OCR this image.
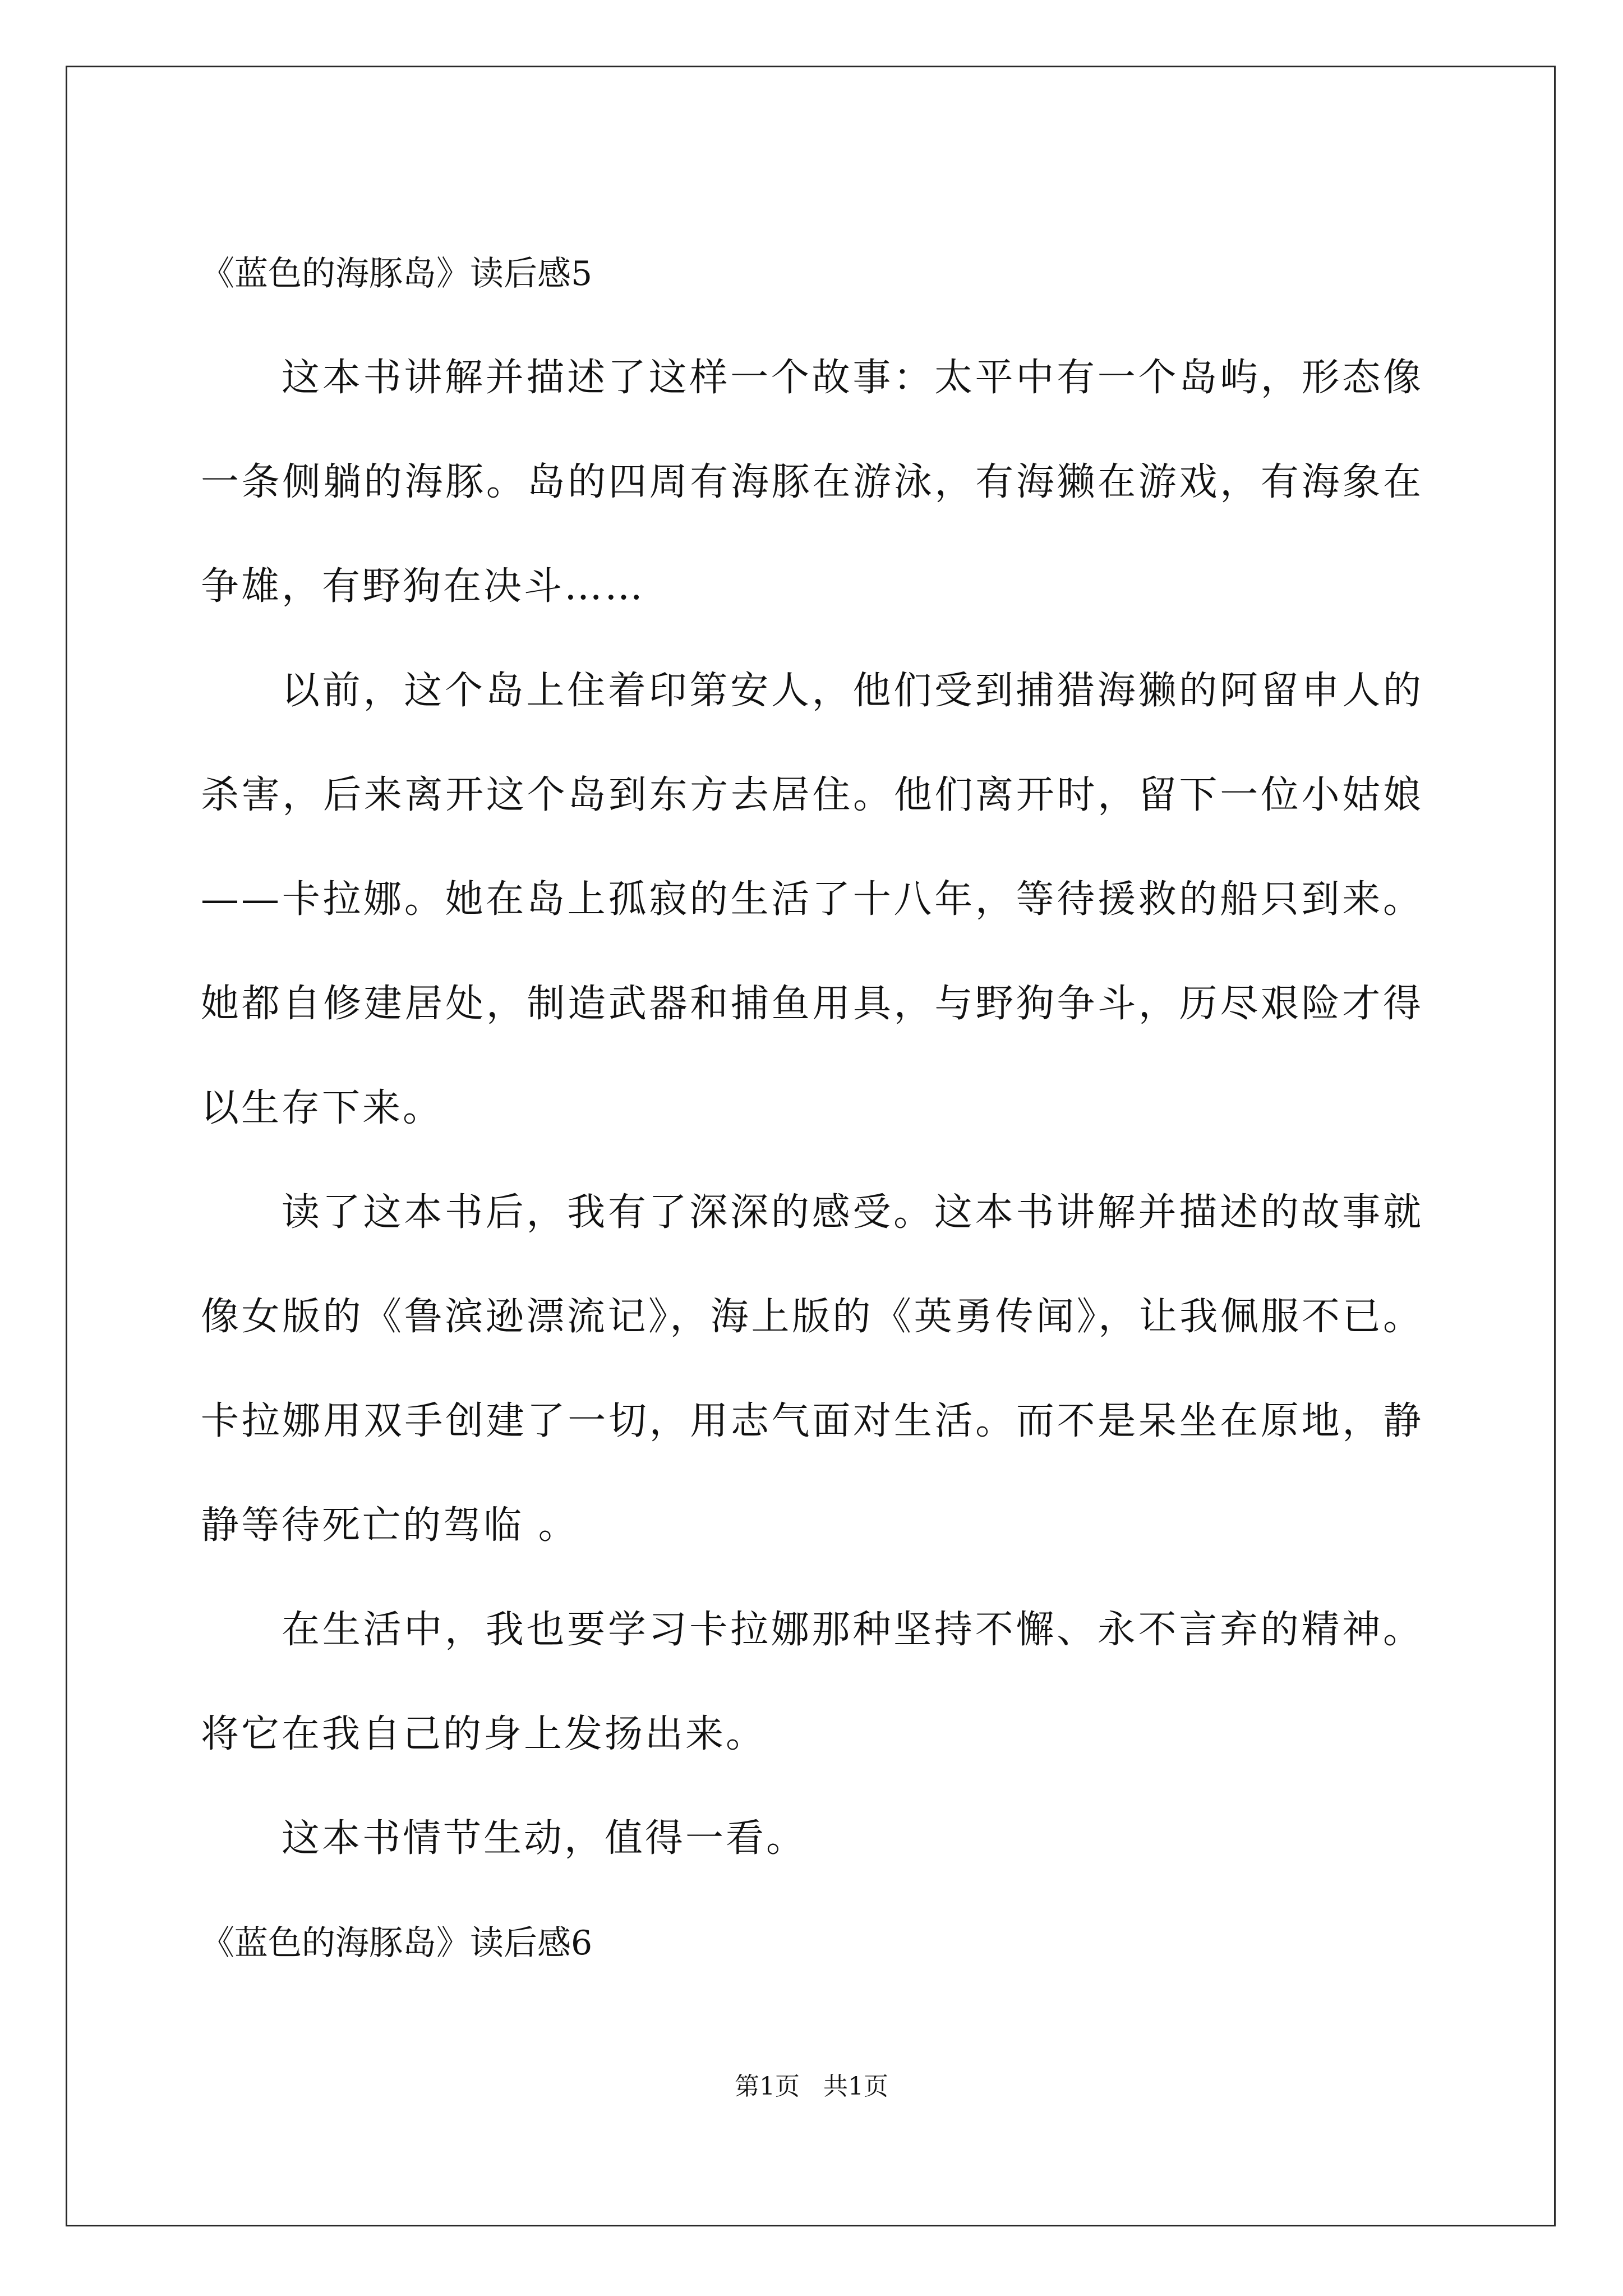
《蓝色的海豚岛》读后感5

这本书讲解并描述了这样一个故事：太平中有一个岛屿，形态像一条侧躺的海豚。岛的四周有海豚在游泳，有海獭在游戏，有海象在争雄，有野狗在决斗……

以前，这个岛上住着印第安人，他们受到捕猎海獭的阿留申人的杀害，后来离开这个岛到东方去居住。他们离开时，留下一位小姑娘——卡拉娜。她在岛上孤寂的生活了十八年，等待援救的船只到来。她都自修建居处，制造武器和捕鱼用具，与野狗争斗，历尽艰险才得以生存下来。

读了这本书后，我有了深深的感受。这本书讲解并描述的故事就像女版的《鲁滨逊漂流记》，海上版的《英勇传闻》，让我佩服不已。卡拉娜用双手创建了一切，用志气面对生活。而不是呆坐在原地，静静等待死亡的驾临 。

在生活中，我也要学习卡拉娜那种坚持不懈、永不言弃的精神。将它在我自己的身上发扬出来。

这本书情节生动，值得一看。

《蓝色的海豚岛》读后感6
第1页   共1页
